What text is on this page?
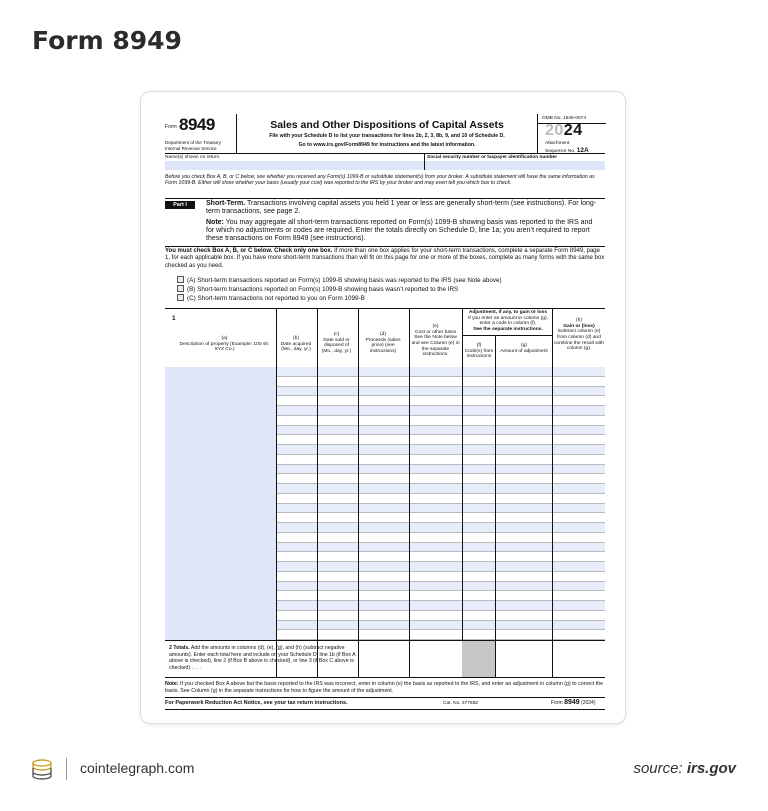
Form 8949
Form 8949
Department of the Treasury
Internal Revenue Service
Sales and Other Dispositions of Capital Assets
File with your Schedule D to list your transactions for lines 1b, 2, 3, 8b, 9, and 10 of Schedule D.
Go to www.irs.gov/Form8949 for instructions and the latest information.
OMB No. 1545-0074
2024
Attachment
Sequence No. 12A
Name(s) shown on return	Social security number or taxpayer identification number
Before you check Box A, B, or C below, see whether you received any Form(s) 1099-B or substitute statement(s) from your broker. A substitute statement will have the same information as Form 1099-B. Either will show whether your basis (usually your cost) was reported to the IRS by your broker and may even tell you which box to check.
Part I	Short-Term. Transactions involving capital assets you held 1 year or less are generally short-term (see instructions). For long-term transactions, see page 2.
Note: You may aggregate all short-term transactions reported on Form(s) 1099-B showing basis was reported to the IRS and for which no adjustments or codes are required. Enter the totals directly on Schedule D, line 1a; you aren’t required to report these transactions on Form 8949 (see instructions).
You must check Box A, B, or C below. Check only one box. If more than one box applies for your short-term transactions, complete a separate Form 8949, page 1, for each applicable box. If you have more short-term transactions than will fit on this page for one or more of the boxes, complete as many forms with the same box checked as you need.
(A) Short-term transactions reported on Form(s) 1099-B showing basis was reported to the IRS (see Note above)
(B) Short-term transactions reported on Form(s) 1099-B showing basis wasn’t reported to the IRS
(C) Short-term transactions not reported to you on Form 1099-B
1
(a)
Description of property (Example: 100 sh. XYZ Co.)
(b)
Date acquired (Mo., day, yr.)
(c)
Date sold or disposed of (Mo., day, yr.)
(d)
Proceeds (sales price) (see instructions)
(e)
Cost or other basis See the Note below and see Column (e) in the separate instructions.
Adjustment, if any, to gain or loss
If you enter an amount in column (g), enter a code in column (f).
See the separate instructions.
(f)
Code(s) from instructions
(g)
Amount of adjustment
(h)
Gain or (loss)
Subtract column (e) from column (d) and combine the result with column (g).
2 Totals. Add the amounts in columns (d), (e), (g), and (h) (subtract negative amounts). Enter each total here and include on your Schedule D, line 1b (if Box A above is checked), line 2 (if Box B above is checked), or line 3 (if Box C above is checked) . . . .
Note: If you checked Box A above but the basis reported to the IRS was incorrect, enter in column (e) the basis as reported to the IRS, and enter an adjustment in column (g) to correct the basis. See Column (g) in the separate instructions for how to figure the amount of the adjustment.
For Paperwork Reduction Act Notice, see your tax return instructions.	Cat. No. 37768Z	Form 8949 (2024)
cointelegraph.com	source: irs.gov
